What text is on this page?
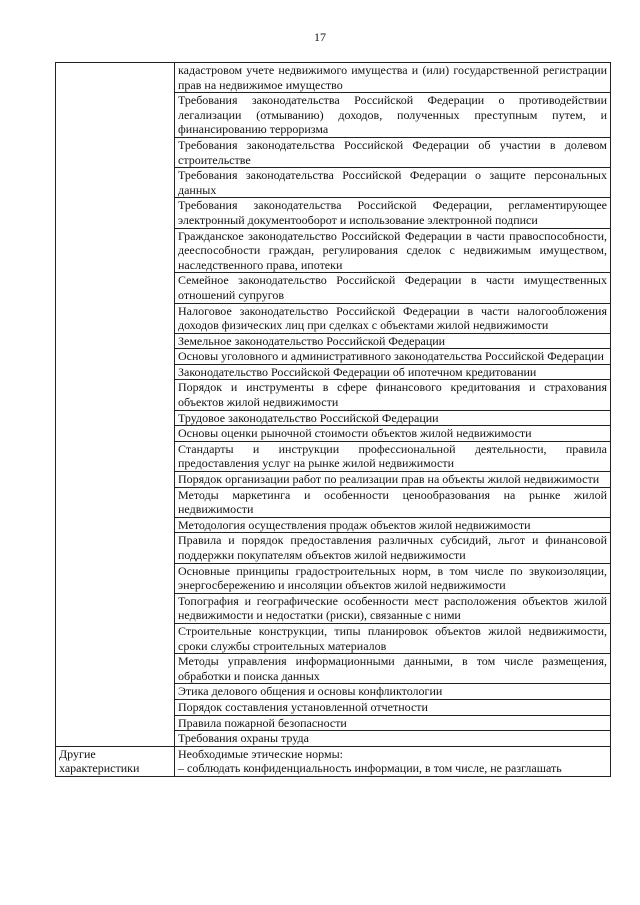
17
	кадастровом учете недвижимого имущества и (или) государственной регистрации прав на недвижимое имущество
	Требования законодательства Российской Федерации о противодействии легализации (отмыванию) доходов, полученных преступным путем, и финансированию терроризма
	Требования законодательства Российской Федерации об участии в долевом строительстве
	Требования законодательства Российской Федерации о защите персональных данных
	Требования законодательства Российской Федерации, регламентирующее электронный документооборот и использование электронной подписи
	Гражданское законодательство Российской Федерации в части правоспособности, дееспособности граждан, регулирования сделок с недвижимым имуществом, наследственного права, ипотеки
	Семейное законодательство Российской Федерации в части имущественных отношений супругов
	Налоговое законодательство Российской Федерации в части налогообложения доходов физических лиц при сделках с объектами жилой недвижимости
	Земельное законодательство Российской Федерации
	Основы уголовного и административного законодательства Российской Федерации
	Законодательство Российской Федерации об ипотечном кредитовании
	Порядок и инструменты в сфере финансового кредитования и страхования объектов жилой недвижимости
	Трудовое законодательство Российской Федерации
	Основы оценки рыночной стоимости объектов жилой недвижимости
	Стандарты и инструкции профессиональной деятельности, правила предоставления услуг на рынке жилой недвижимости
	Порядок организации работ по реализации прав на объекты жилой недвижимости
	Методы маркетинга и особенности ценообразования на рынке жилой недвижимости
	Методология осуществления продаж объектов жилой недвижимости
	Правила и порядок предоставления различных субсидий, льгот и финансовой поддержки покупателям объектов жилой недвижимости
	Основные принципы градостроительных норм, в том числе по звукоизоляции, энергосбережению и инсоляции объектов жилой недвижимости
	Топография и географические особенности мест расположения объектов жилой недвижимости и недостатки (риски), связанные с ними
	Строительные конструкции, типы планировок объектов жилой недвижимости, сроки службы строительных материалов
	Методы управления информационными данными, в том числе размещения, обработки и поиска данных
	Этика делового общения и основы конфликтологии
	Порядок составления установленной отчетности
	Правила пожарной безопасности
	Требования охраны труда
Другие характеристики	Необходимые этические нормы:
– соблюдать конфиденциальность информации, в том числе, не разглашать
